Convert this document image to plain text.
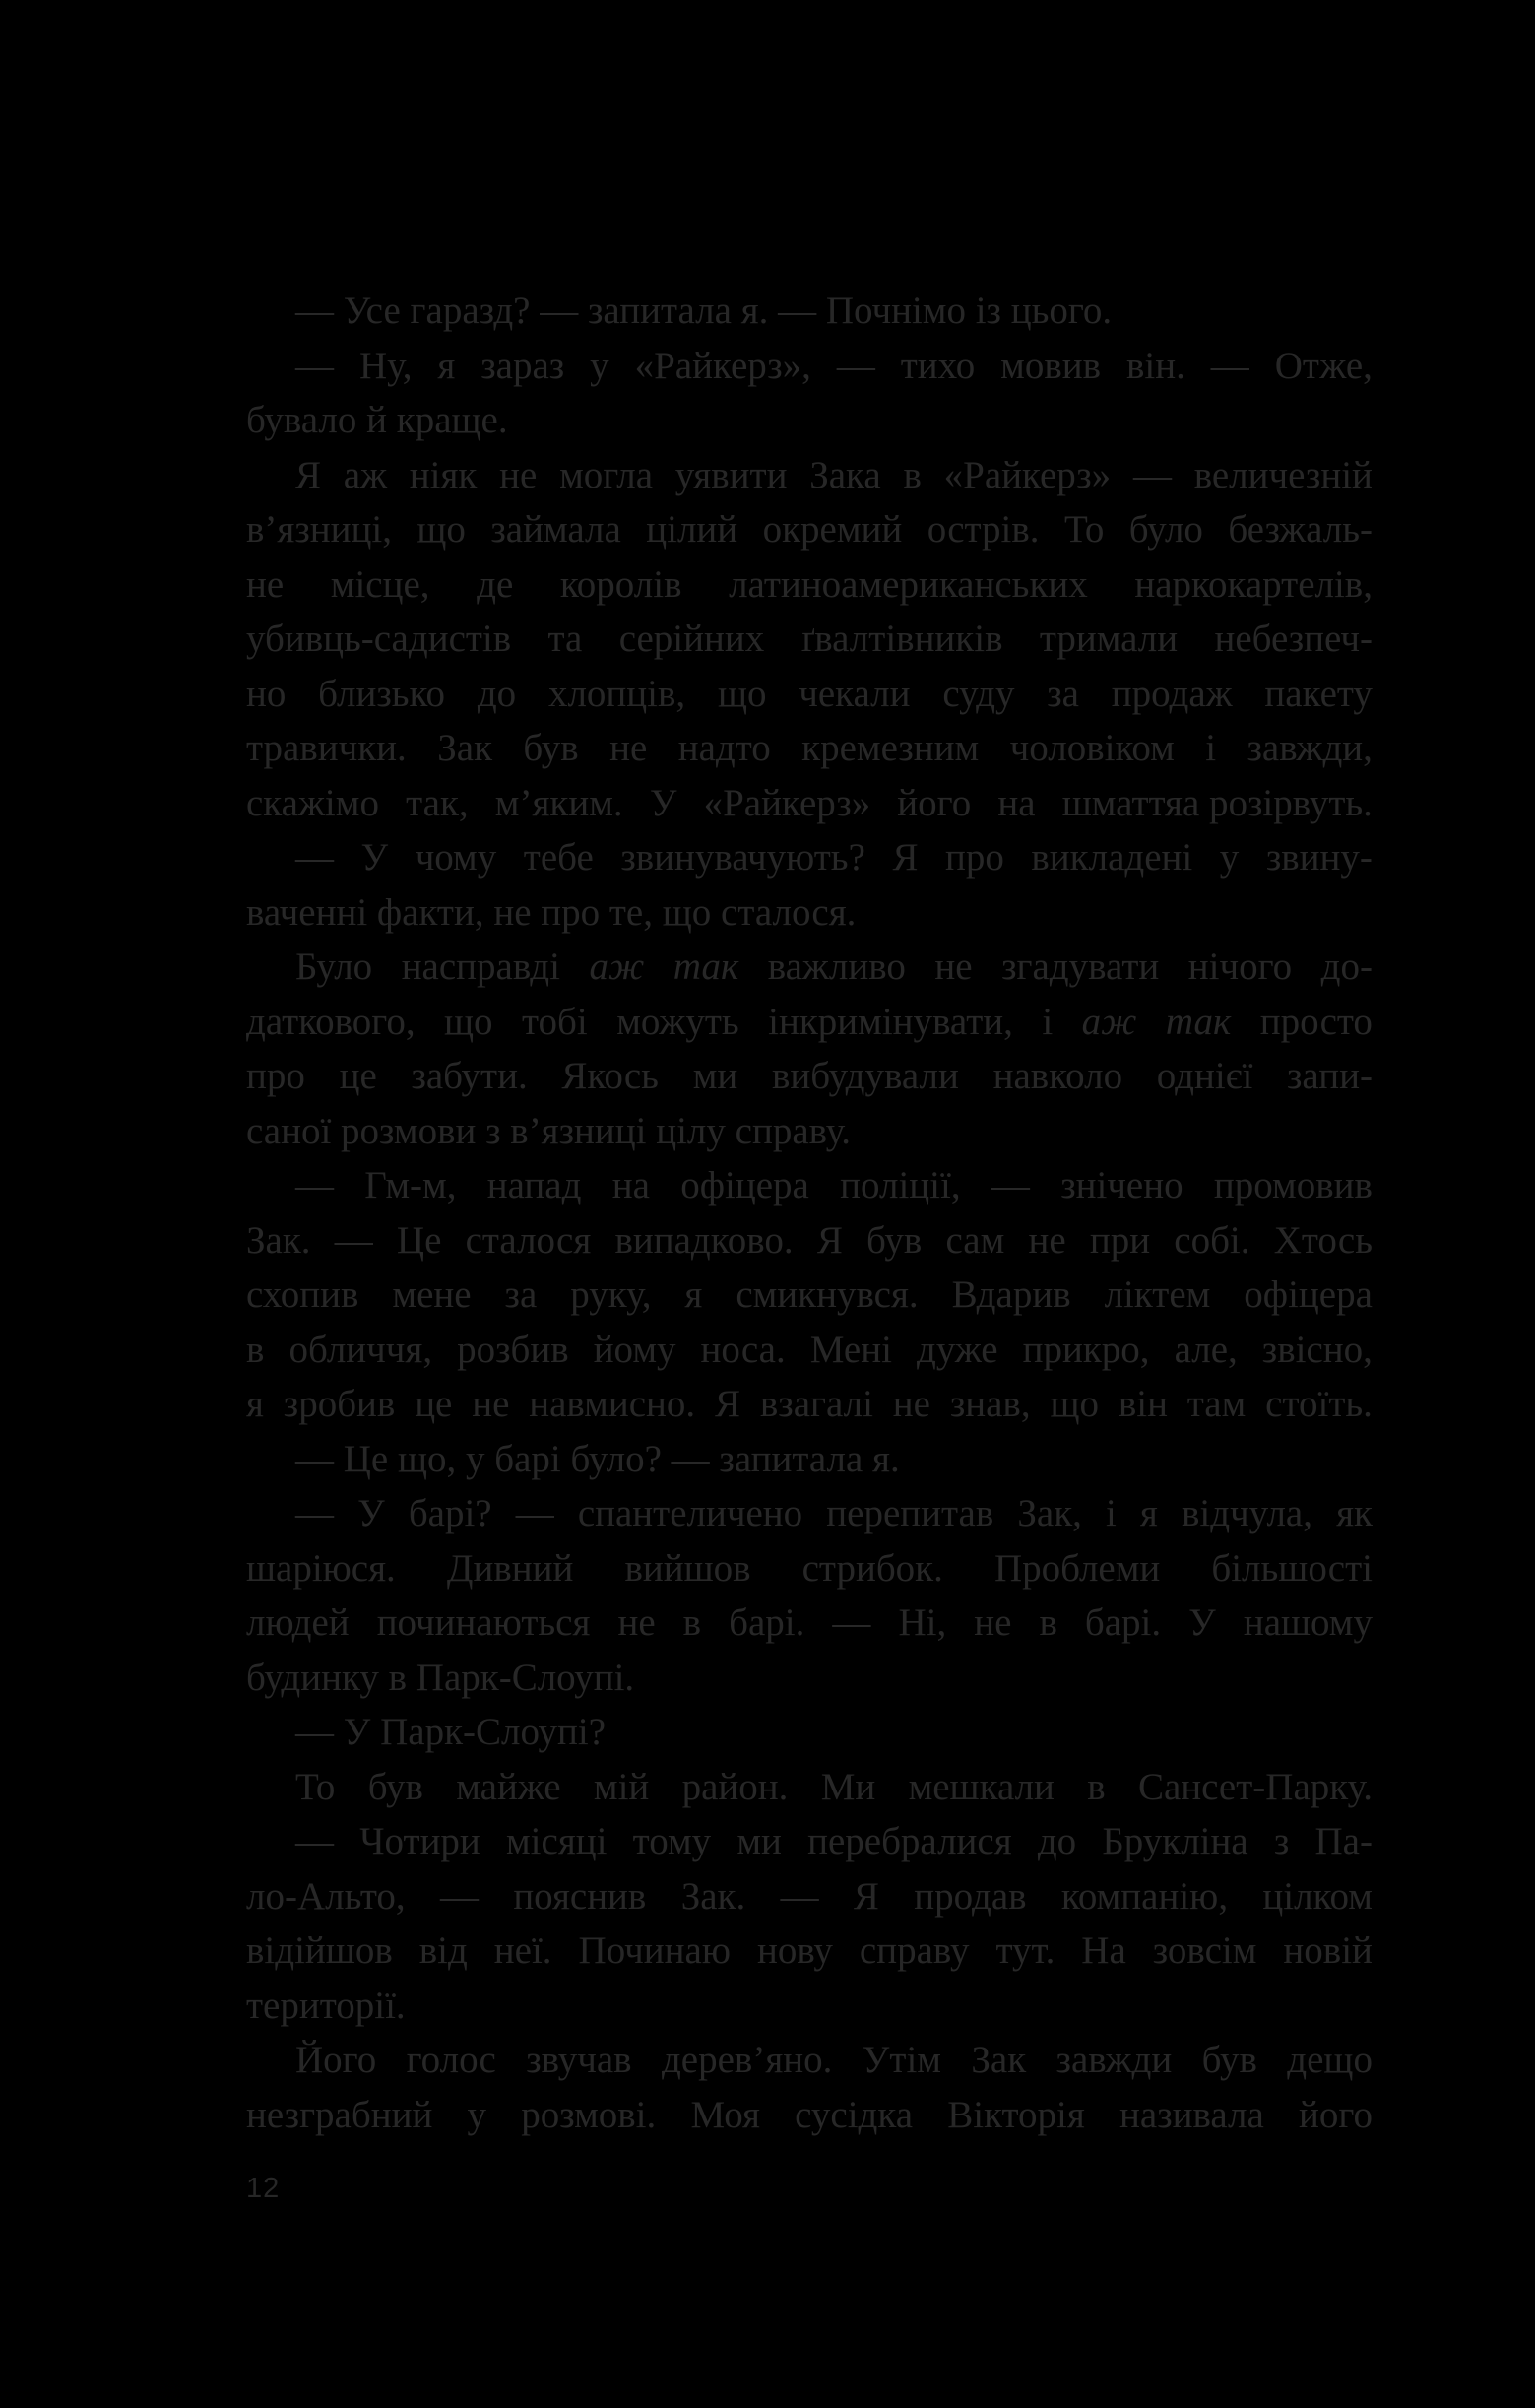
— Усе гаразд? — запитала я. — Почнімо із цього.
— Ну, я зараз у «Райкерз», — тихо мовив він. — Отже,
бувало й краще.
Я аж ніяк не могла уявити Зака в «Райкерз» — величезній
в’язниці, що займала цілий окремий острів. То було безжаль-
не місце, де королів латиноамериканських наркокартелів,
убивць-садистів та серійних ґвалтівників тримали небезпеч-
но близько до хлопців, що чекали суду за продаж пакету
травички. Зак був не надто кремезним чоловіком і завжди,
скажімо так, м’яким. У «Райкерз» його на шматтяа розірвуть.
— У чому тебе звинувачують? Я про викладені у звину-
ваченні факти, не про те, що сталося.
Було насправді аж так важливо не згадувати нічого до-
даткового, що тобі можуть інкримінувати, і аж так просто
про це забути. Якось ми вибудували навколо однієї запи-
саної розмови з в’язниці цілу справу.
— Гм-м, напад на офіцера поліції, — знічено промовив
Зак. — Це сталося випадково. Я був сам не при собі. Хтось
схопив мене за руку, я смикнувся. Вдарив ліктем офіцера
в обличчя, розбив йому носа. Мені дуже прикро, але, звісно,
я зробив це не навмисно. Я взагалі не знав, що він там стоїть.
— Це що, у барі було? — запитала я.
— У барі? — спантеличено перепитав Зак, і я відчула, як
шаріюся. Дивний вийшов стрибок. Проблеми більшості
людей починаються не в барі. — Ні, не в барі. У нашому
будинку в Парк-Слоупі.
— У Парк-Слоупі?
То був майже мій район. Ми мешкали в Сансет-Парку.
— Чотири місяці тому ми перебралися до Брукліна з Па-
ло-Альто, — пояснив Зак. — Я продав компанію, цілком
відійшов від неї. Починаю нову справу тут. На зовсім новій
території.
Його голос звучав дерев’яно. Утім Зак завжди був дещо
незграбний у розмові. Моя сусідка Вікторія називала його
12
